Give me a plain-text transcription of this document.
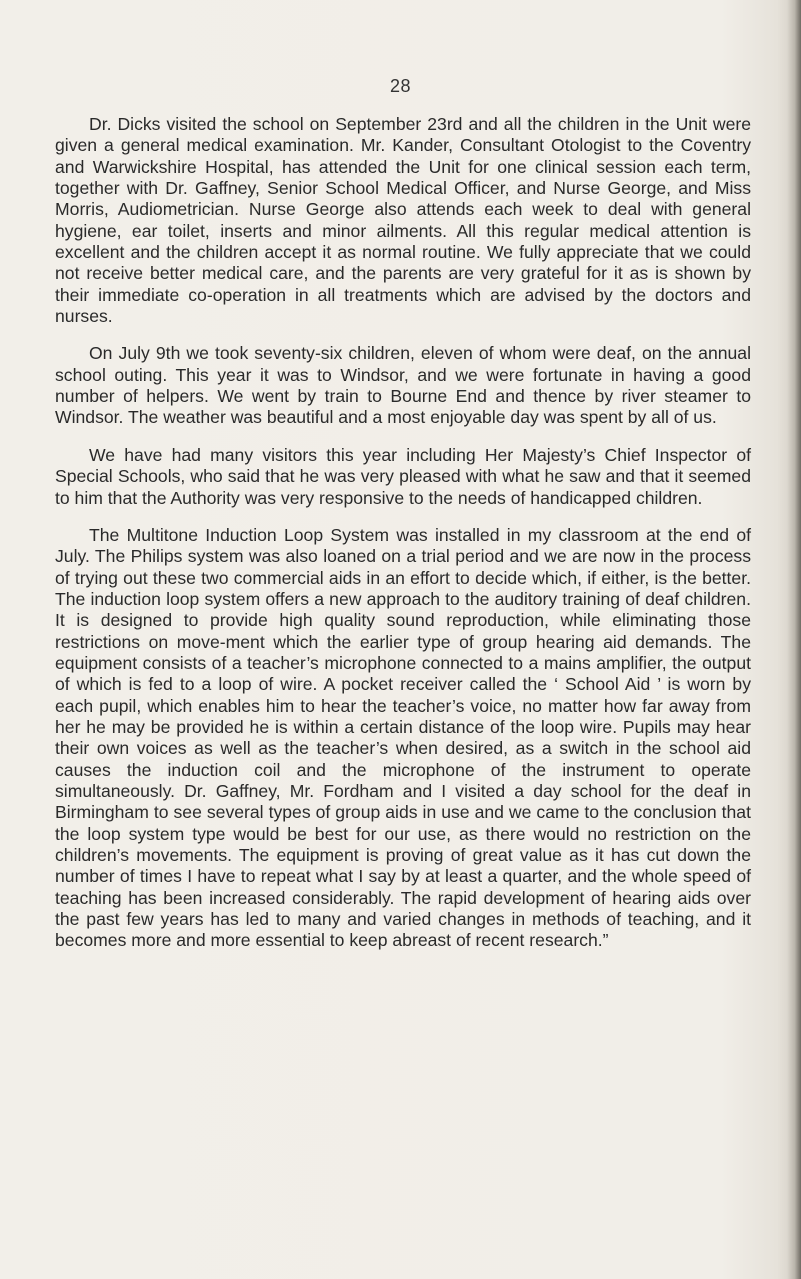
28

Dr. Dicks visited the school on September 23rd and all the children in the Unit were given a general medical examination. Mr. Kander, Consultant Otologist to the Coventry and Warwickshire Hospital, has attended the Unit for one clinical session each term, together with Dr. Gaffney, Senior School Medical Officer, and Nurse George, and Miss Morris, Audiometrician. Nurse George also attends each week to deal with general hygiene, ear toilet, inserts and minor ailments. All this regular medical attention is excellent and the children accept it as normal routine. We fully appreciate that we could not receive better medical care, and the parents are very grateful for it as is shown by their immediate co-operation in all treatments which are advised by the doctors and nurses.

On July 9th we took seventy-six children, eleven of whom were deaf, on the annual school outing. This year it was to Windsor, and we were fortunate in having a good number of helpers. We went by train to Bourne End and thence by river steamer to Windsor. The weather was beautiful and a most enjoyable day was spent by all of us.

We have had many visitors this year including Her Majesty’s Chief Inspector of Special Schools, who said that he was very pleased with what he saw and that it seemed to him that the Authority was very responsive to the needs of handicapped children.

The Multitone Induction Loop System was installed in my classroom at the end of July. The Philips system was also loaned on a trial period and we are now in the process of trying out these two commercial aids in an effort to decide which, if either, is the better. The induction loop system offers a new approach to the auditory training of deaf children. It is designed to provide high quality sound reproduction, while eliminating those restrictions on move-ment which the earlier type of group hearing aid demands. The equipment consists of a teacher’s microphone connected to a mains amplifier, the output of which is fed to a loop of wire. A pocket receiver called the ‘ School Aid ’ is worn by each pupil, which enables him to hear the teacher’s voice, no matter how far away from her he may be provided he is within a certain distance of the loop wire. Pupils may hear their own voices as well as the teacher’s when desired, as a switch in the school aid causes the induction coil and the microphone of the instrument to operate simultaneously. Dr. Gaffney, Mr. Fordham and I visited a day school for the deaf in Birmingham to see several types of group aids in use and we came to the conclusion that the loop system type would be best for our use, as there would no restriction on the children’s movements. The equipment is proving of great value as it has cut down the number of times I have to repeat what I say by at least a quarter, and the whole speed of teaching has been increased considerably. The rapid development of hearing aids over the past few years has led to many and varied changes in methods of teaching, and it becomes more and more essential to keep abreast of recent research.”
